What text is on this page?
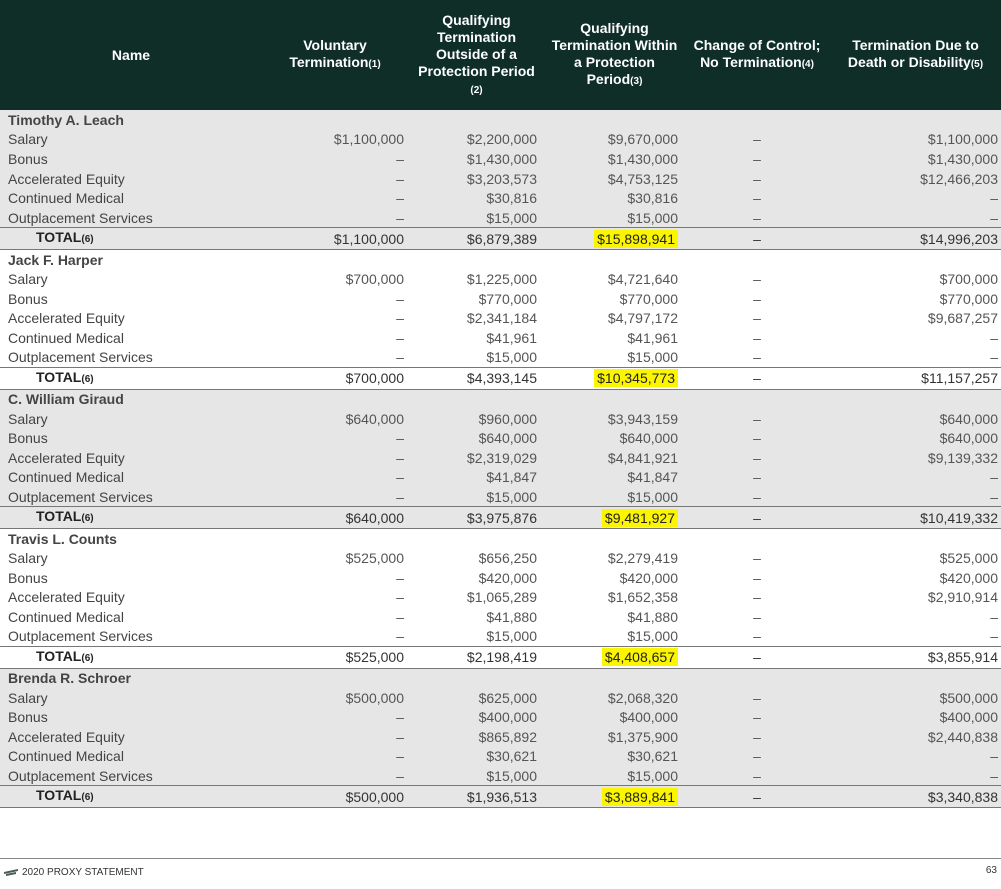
Name	Voluntary Termination(1)	Qualifying Termination Outside of a Protection Period (2)	Qualifying Termination Within a Protection Period(3)	Change of Control; No Termination(4)	Termination Due to Death or Disability(5)
Timothy A. Leach					
Salary	$1,100,000	$2,200,000	$9,670,000	–	$1,100,000
Bonus	–	$1,430,000	$1,430,000	–	$1,430,000
Accelerated Equity	–	$3,203,573	$4,753,125	–	$12,466,203
Continued Medical	–	$30,816	$30,816	–	–
Outplacement Services	–	$15,000	$15,000	–	–
TOTAL(6)	$1,100,000	$6,879,389	$15,898,941	–	$14,996,203
Jack F. Harper					
Salary	$700,000	$1,225,000	$4,721,640	–	$700,000
Bonus	–	$770,000	$770,000	–	$770,000
Accelerated Equity	–	$2,341,184	$4,797,172	–	$9,687,257
Continued Medical	–	$41,961	$41,961	–	–
Outplacement Services	–	$15,000	$15,000	–	–
TOTAL(6)	$700,000	$4,393,145	$10,345,773	–	$11,157,257
C. William Giraud					
Salary	$640,000	$960,000	$3,943,159	–	$640,000
Bonus	–	$640,000	$640,000	–	$640,000
Accelerated Equity	–	$2,319,029	$4,841,921	–	$9,139,332
Continued Medical	–	$41,847	$41,847	–	–
Outplacement Services	–	$15,000	$15,000	–	–
TOTAL(6)	$640,000	$3,975,876	$9,481,927	–	$10,419,332
Travis L. Counts					
Salary	$525,000	$656,250	$2,279,419	–	$525,000
Bonus	–	$420,000	$420,000	–	$420,000
Accelerated Equity	–	$1,065,289	$1,652,358	–	$2,910,914
Continued Medical	–	$41,880	$41,880	–	–
Outplacement Services	–	$15,000	$15,000	–	–
TOTAL(6)	$525,000	$2,198,419	$4,408,657	–	$3,855,914
Brenda R. Schroer					
Salary	$500,000	$625,000	$2,068,320	–	$500,000
Bonus	–	$400,000	$400,000	–	$400,000
Accelerated Equity	–	$865,892	$1,375,900	–	$2,440,838
Continued Medical	–	$30,621	$30,621	–	–
Outplacement Services	–	$15,000	$15,000	–	–
TOTAL(6)	$500,000	$1,936,513	$3,889,841	–	$3,340,838
2020 PROXY STATEMENT	63
